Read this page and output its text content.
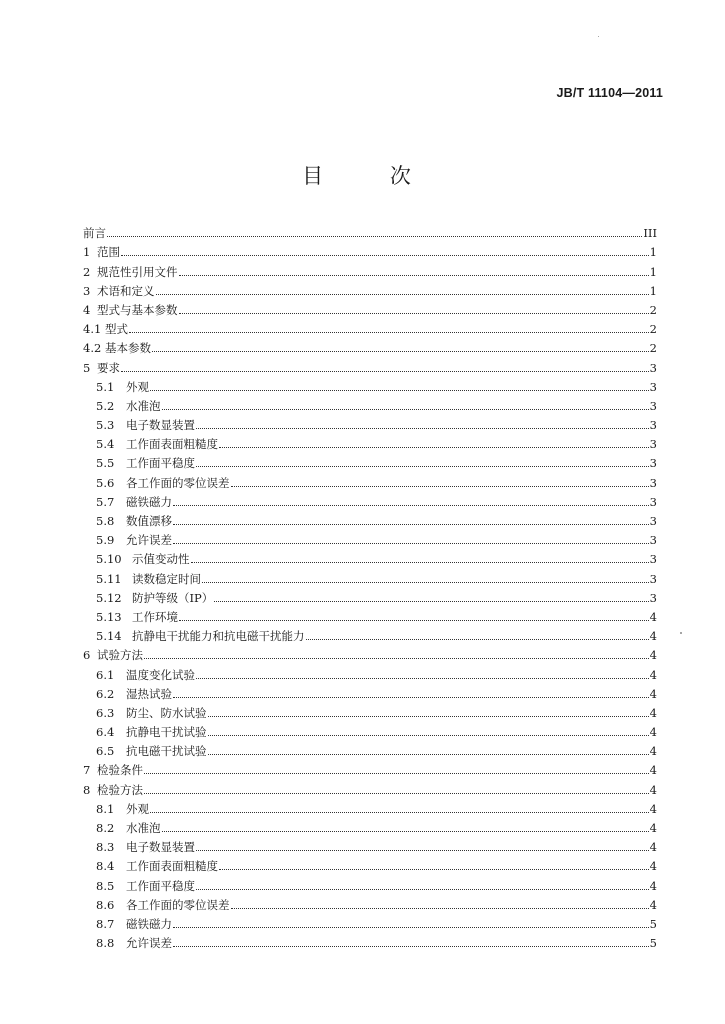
JB/T 11104—2011
目 次
前言	III
1 范围	1
2 规范性引用文件	1
3 术语和定义	1
4 型式与基本参数	2
4.1 型式	2
4.2 基本参数	2
5 要求	3
5.1	外观	3
5.2	水准泡	3
5.3	电子数显装置	3
5.4	工作面表面粗糙度	3
5.5	工作面平稳度	3
5.6	各工作面的零位误差	3
5.7	磁铁磁力	3
5.8	数值漂移	3
5.9	允许误差	3
5.10 示值变动性	3
5.11 读数稳定时间	3
5.12 防护等级（IP）	3
5.13 工作环境	4
5.14 抗静电干扰能力和抗电磁干扰能力	4
6 试验方法	4
6.1	温度变化试验	4
6.2	湿热试验	4
6.3	防尘、防水试验	4
6.4	抗静电干扰试验	4
6.5	抗电磁干扰试验	4
7 检验条件	4
8 检验方法	4
8.1	外观	4
8.2	水准泡	4
8.3	电子数显装置	4
8.4	工作面表面粗糙度	4
8.5	工作面平稳度	4
8.6	各工作面的零位误差	4
8.7	磁铁磁力	5
8.8	允许误差	5
